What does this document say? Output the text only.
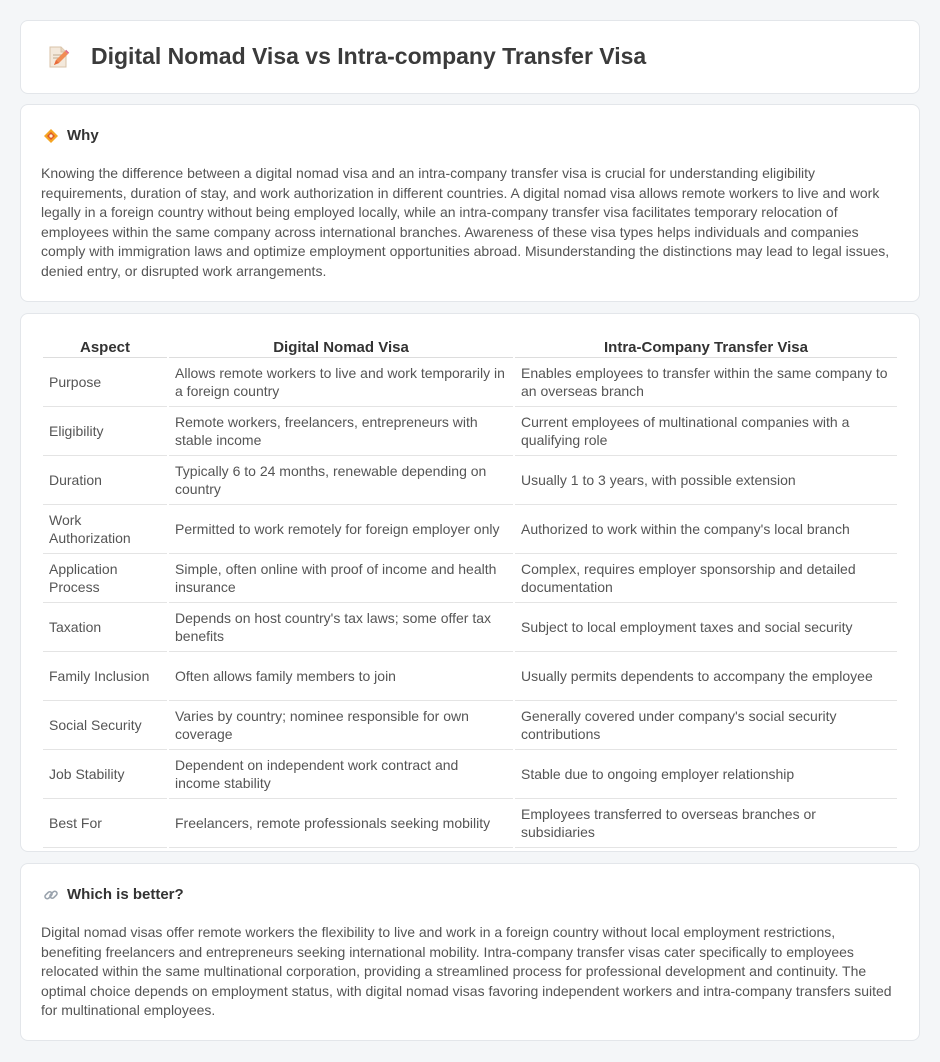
Digital Nomad Visa vs Intra-company Transfer Visa
Why

Knowing the difference between a digital nomad visa and an intra-company transfer visa is crucial for understanding eligibility requirements, duration of stay, and work authorization in different countries. A digital nomad visa allows remote workers to live and work legally in a foreign country without being employed locally, while an intra-company transfer visa facilitates temporary relocation of employees within the same company across international branches. Awareness of these visa types helps individuals and companies comply with immigration laws and optimize employment opportunities abroad. Misunderstanding the distinctions may lead to legal issues, denied entry, or disrupted work arrangements.

Aspect	Digital Nomad Visa	Intra-Company Transfer Visa
Purpose	Allows remote workers to live and work temporarily in a foreign country	Enables employees to transfer within the same company to an overseas branch
Eligibility	Remote workers, freelancers, entrepreneurs with stable income	Current employees of multinational companies with a qualifying role
Duration	Typically 6 to 24 months, renewable depending on country	Usually 1 to 3 years, with possible extension
Work Authorization	Permitted to work remotely for foreign employer only	Authorized to work within the company's local branch
Application Process	Simple, often online with proof of income and health insurance	Complex, requires employer sponsorship and detailed documentation
Taxation	Depends on host country's tax laws; some offer tax benefits	Subject to local employment taxes and social security
Family Inclusion	Often allows family members to join	Usually permits dependents to accompany the employee
Social Security	Varies by country; nominee responsible for own coverage	Generally covered under company's social security contributions
Job Stability	Dependent on independent work contract and income stability	Stable due to ongoing employer relationship
Best For	Freelancers, remote professionals seeking mobility	Employees transferred to overseas branches or subsidiaries
Which is better?

Digital nomad visas offer remote workers the flexibility to live and work in a foreign country without local employment restrictions, benefiting freelancers and entrepreneurs seeking international mobility. Intra-company transfer visas cater specifically to employees relocated within the same multinational corporation, providing a streamlined process for professional development and continuity. The optimal choice depends on employment status, with digital nomad visas favoring independent workers and intra-company transfers suited for multinational employees.
